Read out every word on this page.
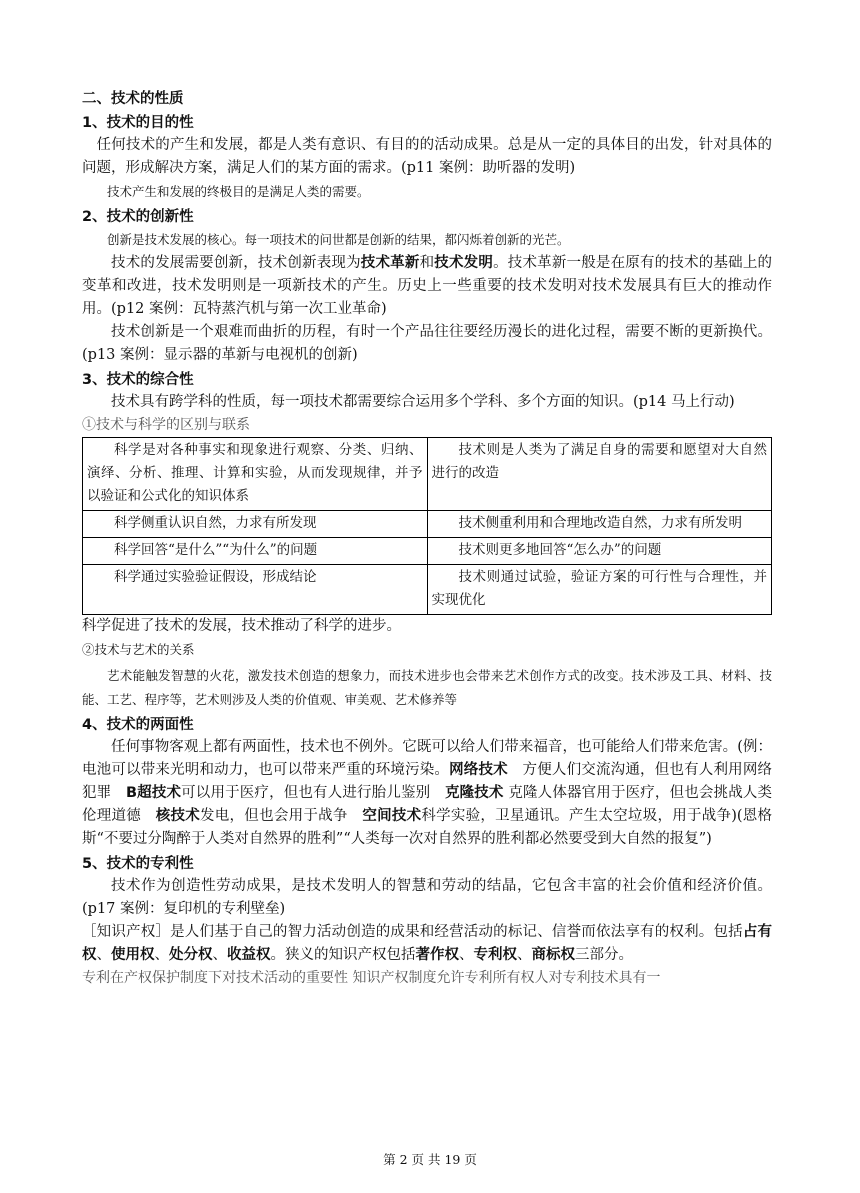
二、技术的性质

1、技术的目的性

任何技术的产生和发展，都是人类有意识、有目的的活动成果。总是从一定的具体目的出发，针对具体的问题，形成解决方案，满足人们的某方面的需求。(p11 案例：助听器的发明)

技术产生和发展的终极目的是满足人类的需要。

2、技术的创新性

创新是技术发展的核心。每一项技术的问世都是创新的结果，都闪烁着创新的光芒。

技术的发展需要创新，技术创新表现为技术革新和技术发明。技术革新一般是在原有的技术的基础上的变革和改进，技术发明则是一项新技术的产生。历史上一些重要的技术发明对技术发展具有巨大的推动作用。(p12 案例：瓦特蒸汽机与第一次工业革命)

技术创新是一个艰难而曲折的历程，有时一个产品往往要经历漫长的进化过程，需要不断的更新换代。(p13 案例：显示器的革新与电视机的创新)

3、技术的综合性

技术具有跨学科的性质，每一项技术都需要综合运用多个学科、多个方面的知识。(p14 马上行动)

①技术与科学的区别与联系

科学是对各种事实和现象进行观察、分类、归纳、演绎、分析、推理、计算和实验，从而发现规律，并予以验证和公式化的知识体系	技术则是人类为了满足自身的需要和愿望对大自然进行的改造
科学侧重认识自然，力求有所发现	技术侧重利用和合理地改造自然，力求有所发明
科学回答“是什么”“为什么”的问题	技术则更多地回答“怎么办”的问题
科学通过实验验证假设，形成结论	技术则通过试验，验证方案的可行性与合理性，并实现优化

科学促进了技术的发展，技术推动了科学的进步。

②技术与艺术的关系

艺术能触发智慧的火花，激发技术创造的想象力，而技术进步也会带来艺术创作方式的改变。技术涉及工具、材料、技能、工艺、程序等，艺术则涉及人类的价值观、审美观、艺术修养等

4、技术的两面性

任何事物客观上都有两面性，技术也不例外。它既可以给人们带来福音，也可能给人们带来危害。(例：电池可以带来光明和动力，也可以带来严重的环境污染。网络技术　方便人们交流沟通，但也有人利用网络犯罪　B超技术可以用于医疗，但也有人进行胎儿鉴别　克隆技术 克隆人体器官用于医疗，但也会挑战人类伦理道德　核技术发电，但也会用于战争　空间技术科学实验，卫星通讯。产生太空垃圾，用于战争)(恩格斯“不要过分陶醉于人类对自然界的胜利”“人类每一次对自然界的胜利都必然要受到大自然的报复”)

5、技术的专利性

技术作为创造性劳动成果，是技术发明人的智慧和劳动的结晶，它包含丰富的社会价值和经济价值。(p17 案例：复印机的专利壁垒)

［知识产权］是人们基于自己的智力活动创造的成果和经营活动的标记、信誉而依法享有的权利。包括占有权、使用权、处分权、收益权。狭义的知识产权包括著作权、专利权、商标权三部分。

专利在产权保护制度下对技术活动的重要性 知识产权制度允许专利所有权人对专利技术具有一

第 2 页 共 19 页
